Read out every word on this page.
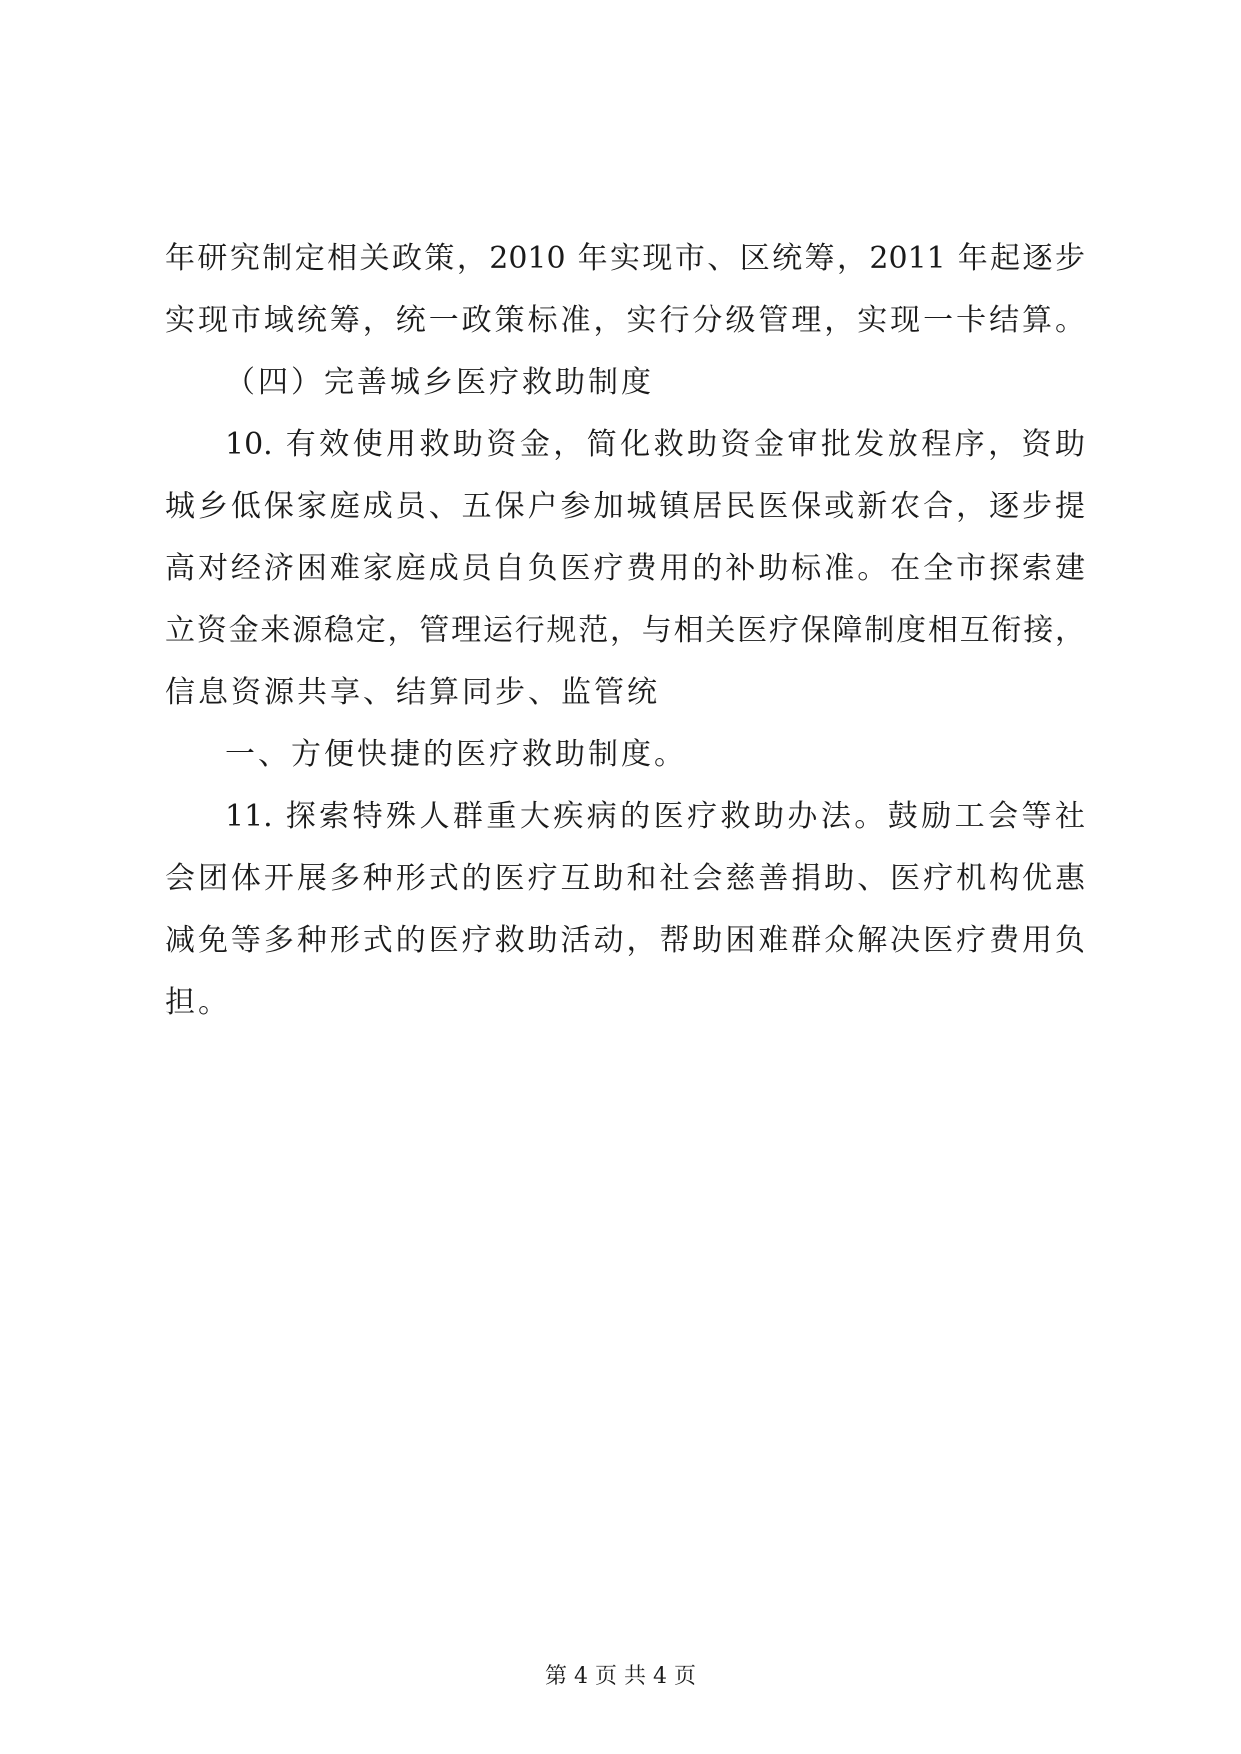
年研究制定相关政策，2010 年实现市、区统筹，2011 年起逐步
实现市域统筹，统一政策标准，实行分级管理，实现一卡结算。
（四）完善城乡医疗救助制度
10. 有效使用救助资金，简化救助资金审批发放程序，资助
城乡低保家庭成员、五保户参加城镇居民医保或新农合，逐步提
高对经济困难家庭成员自负医疗费用的补助标准。在全市探索建
立资金来源稳定，管理运行规范，与相关医疗保障制度相互衔接，
信息资源共享、结算同步、监管统
一、方便快捷的医疗救助制度。
11. 探索特殊人群重大疾病的医疗救助办法。鼓励工会等社
会团体开展多种形式的医疗互助和社会慈善捐助、医疗机构优惠
减免等多种形式的医疗救助活动，帮助困难群众解决医疗费用负
担。
第 4 页 共 4 页
